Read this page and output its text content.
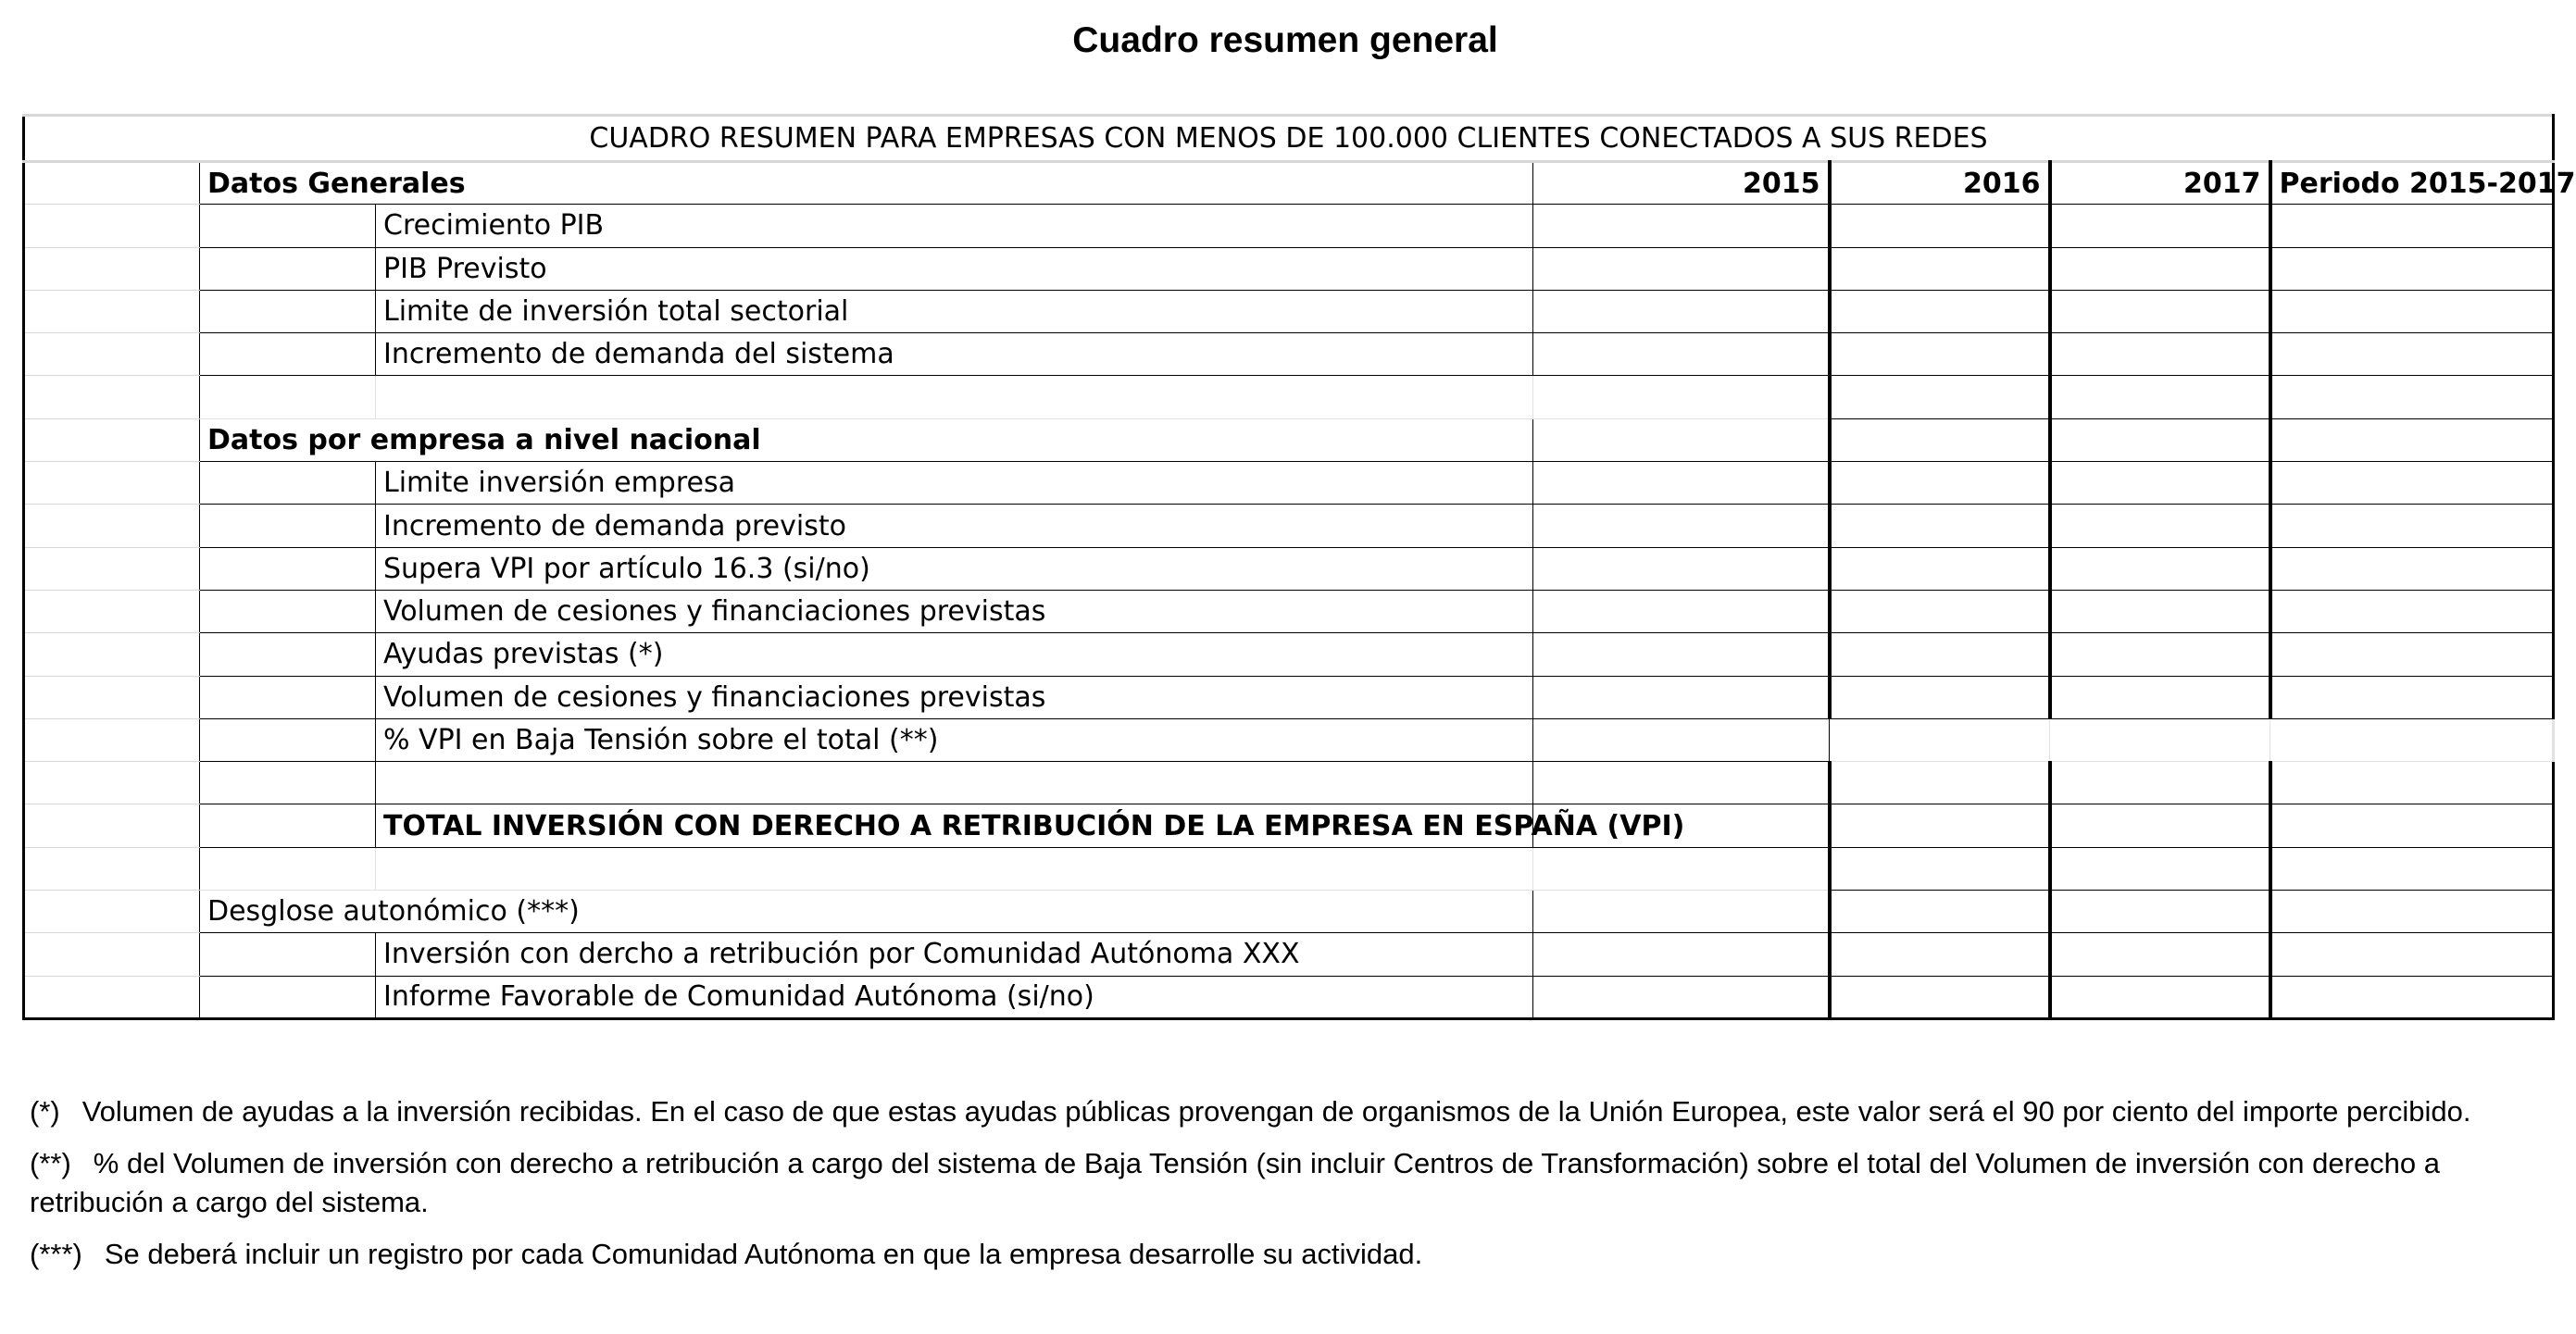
Cuadro resumen general
CUADRO RESUMEN PARA EMPRESAS CON MENOS DE 100.000 CLIENTES CONECTADOS A SUS REDES						
	Datos Generales		2015	2016	2017	Periodo 2015-2017
		Crecimiento PIB				
		PIB Previsto				
		Limite de inversión total sectorial				
		Incremento de demanda del sistema				

	Datos por empresa a nivel nacional					
		Limite inversión empresa				
		Incremento de demanda previsto				
		Supera VPI por artículo 16.3 (si/no)				
		Volumen de cesiones y financiaciones previstas				
		Ayudas previstas (*)				
		Volumen de cesiones y financiaciones previstas				
		% VPI en Baja Tensión sobre el total (**)				

		TOTAL INVERSIÓN CON DERECHO A RETRIBUCIÓN DE LA EMPRESA EN ESPAÑA (VPI)				

	Desglose autonómico (***)					
		Inversión con dercho a retribución por Comunidad Autónoma XXX				
		Informe Favorable de Comunidad Autónoma (si/no)				

(*) Volumen de ayudas a la inversión recibidas. En el caso de que estas ayudas públicas provengan de organismos de la Unión Europea, este valor será el 90 por ciento del importe percibido.

(**) % del Volumen de inversión con derecho a retribución a cargo del sistema de Baja Tensión (sin incluir Centros de Transformación) sobre el total del Volumen de inversión con derecho a retribución a cargo del sistema.

(***) Se deberá incluir un registro por cada Comunidad Autónoma en que la empresa desarrolle su actividad.
